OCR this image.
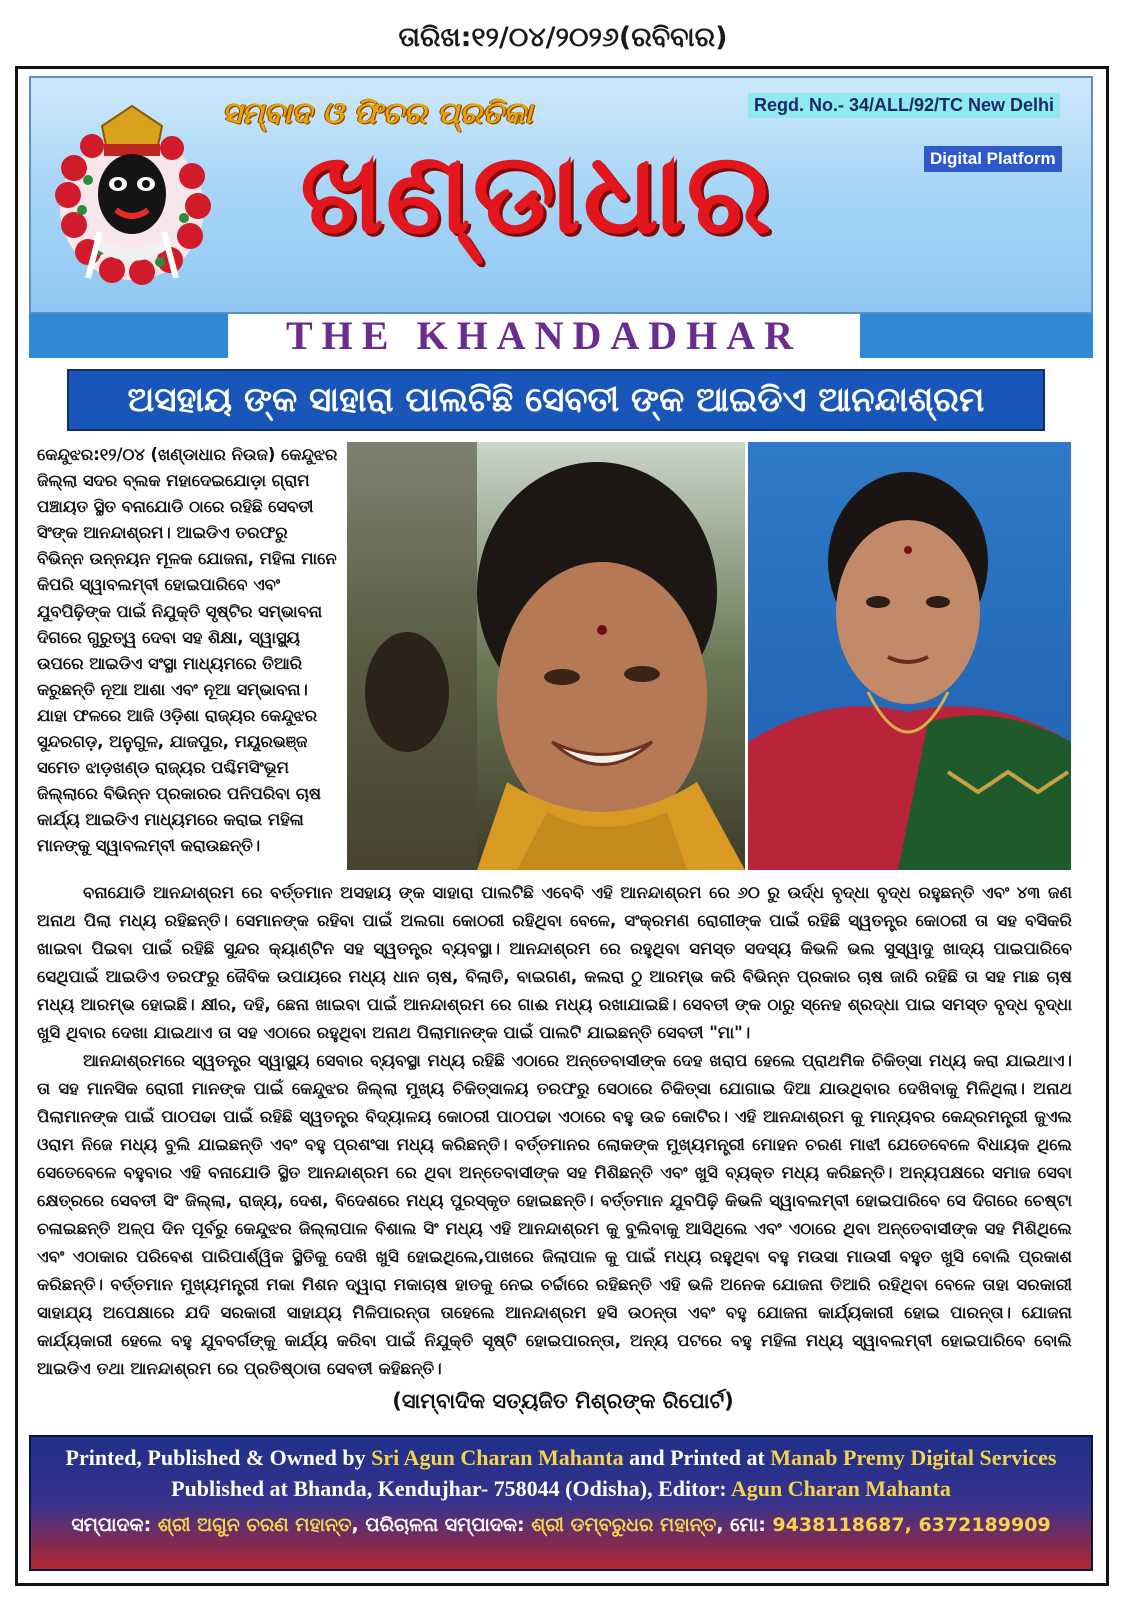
ତାରିଖ:୧୨/୦୪/୨୦୨୬(ରବିବାର)
ସମ୍ବାଦ ଓ ଫିଚର ପ୍ରତିକା
ଖଣ୍ଡାଧାର
Regd. No.- 34/ALL/92/TC New Delhi
Digital Platform
THE KHANDADHAR
ଅସହାୟ ଙ୍କ ସାହାରା ପାଲଟିଛି ସେବତୀ ଙ୍କ ଆଇଡିଏ ଆନନ୍ଦାଶ୍ରମ
କେନ୍ଦୁଝର:୧୨/୦୪ (ଖଣ୍ଡାଧାର ନିଉଜ) କେନ୍ଦୁଝର ଜିଲ୍ଲା ସଦର ବ୍ଲକ ମହାଦେଇଯୋଡ଼ା ଗ୍ରାମ ପଞ୍ଚାୟତ ସ୍ଥିତ ବନାଯୋଡି ଠାରେ ରହିଛି ସେବତୀ ସିଂଙ୍କ ଆନନ୍ଦାଶ୍ରମ। ଆଇଡିଏ ତରଫରୁ ବିଭିନ୍ନ ଉନ୍ନୟନ ମୂଳକ ଯୋଜନା, ମହିଳା ମାନେ କିପରି ସ୍ୱାବଲମ୍ବୀ ହୋଇପାରିବେ ଏବଂ ଯୁବପିଢ଼ିଙ୍କ ପାଇଁ ନିଯୁକ୍ତି ସୃଷ୍ଟିର ସମ୍ଭାବନା ଦିଗରେ ଗୁରୁତ୍ୱ ଦେବା ସହ ଶିକ୍ଷା, ସ୍ୱାସ୍ଥ୍ୟ ଉପରେ ଆଇଡିଏ ସଂସ୍ଥା ମାଧ୍ୟମରେ ତିଆରି କରୁଛନ୍ତି ନୂଆ ଆଶା ଏବଂ ନୂଆ ସମ୍ଭାବନା। ଯାହା ଫଳରେ ଆଜି ଓଡ଼ିଶା ରାଜ୍ୟର କେନ୍ଦୁଝର ସୁନ୍ଦରଗଡ଼, ଅନୁଗୁଳ, ଯାଜପୁର, ମୟୂରଭଞ୍ଜ ସମେତ ଝାଡ଼ଖଣ୍ଡ ରାଜ୍ୟର ପଶ୍ଚିମସିଂଭୂମ ଜିଲ୍ଲାରେ ବିଭିନ୍ନ ପ୍ରକାରର ପନିପରିବା ଚାଷ କାର୍ଯ୍ୟ ଆଇଡିଏ ମାଧ୍ୟମରେ କରାଇ ମହିଳା ମାନଙ୍କୁ ସ୍ୱାବଲମ୍ବୀ କରାଉଛନ୍ତି।

ବନାଯୋଡି ଆନନ୍ଦାଶ୍ରମ ରେ ବର୍ତ୍ତମାନ ଅସହାୟ ଙ୍କ ସାହାରା ପାଲଟିଛି ଏବେବି ଏହି ଆନନ୍ଦାଶ୍ରମ ରେ ୬୦ ରୁ ଉର୍ଦ୍ଧ ବୃଦ୍ଧା ବୃଦ୍ଧ ରହୁଛନ୍ତି ଏବଂ ୪୩ ଜଣ ଅନାଥ ପିଲା ମଧ୍ୟ ରହିଛନ୍ତି। ସେମାନଙ୍କ ରହିବା ପାଇଁ ଅଲଗା କୋଠରୀ ରହିଥିବା ବେଳେ, ସଂକ୍ରମଣ ରୋଗୀଙ୍କ ପାଇଁ ରହିଛି ସ୍ୱତନ୍ତ୍ର କୋଠରୀ ତା ସହ ବସିକରି ଖାଇବା ପିଇବା ପାଇଁ ରହିଛି ସୁନ୍ଦର କ୍ୟାଣ୍ଟିନ ସହ ସ୍ୱତନ୍ତ୍ର ବ୍ୟବସ୍ଥା। ଆନନ୍ଦାଶ୍ରମ ରେ ରହୁଥିବା ସମସ୍ତ ସଦସ୍ୟ କିଭଳି ଭଲ ସୁସ୍ୱାଦୁ ଖାଦ୍ୟ ପାଇପାରିବେ ସେଥିପାଇଁ ଆଇଡିଏ ତରଫରୁ ଜୈବିକ ଉପାୟରେ ମଧ୍ୟ ଧାନ ଚାଷ, ବିଲାତି, ବାଇଗଣ, କଲରା ଠୁ ଆରମ୍ଭ କରି ବିଭିନ୍ନ ପ୍ରକାର ଚାଷ ଜାରି ରହିଛି ତା ସହ ମାଛ ଚାଷ ମଧ୍ୟ ଆରମ୍ଭ ହୋଇଛି। କ୍ଷୀର, ଦହି, ଛେନା ଖାଇବା ପାଇଁ ଆନନ୍ଦାଶ୍ରମ ରେ ଗାଈ ମଧ୍ୟ ରଖାଯାଇଛି। ସେବତୀ ଙ୍କ ଠାରୁ ସ୍ନେହ ଶ୍ରଦ୍ଧା ପାଇ ସମସ୍ତ ବୃଦ୍ଧ ବୃଦ୍ଧା ଖୁସି ଥିବାର ଦେଖା ଯାଇଥାଏ ତା ସହ ଏଠାରେ ରହୁଥିବା ଅନାଥ ପିଲାମାନଙ୍କ ପାଇଁ ପାଲଟି ଯାଇଛନ୍ତି ସେବତୀ "ମା"।

ଆନନ୍ଦାଶ୍ରମରେ ସ୍ୱତନ୍ତ୍ର ସ୍ୱାସ୍ଥ୍ୟ ସେବାର ବ୍ୟବସ୍ଥା ମଧ୍ୟ ରହିଛି ଏଠାରେ ଅନ୍ତେବାସୀଙ୍କ ଦେହ ଖରାପ ହେଲେ ପ୍ରାଥମିକ ଚିକିତ୍ସା ମଧ୍ୟ କରା ଯାଇଥାଏ। ତା ସହ ମାନସିକ ରୋଗୀ ମାନଙ୍କ ପାଇଁ କେନ୍ଦୁଝର ଜିଲ୍ଲା ମୁଖ୍ୟ ଚିକିତ୍ସାଳୟ ତରଫରୁ ସେଠାରେ ଚିକିତ୍ସା ଯୋଗାଇ ଦିଆ ଯାଉଥିବାର ଦେଖିବାକୁ ମିଳିଥିଲା। ଅନାଥ ପିଲାମାନଙ୍କ ପାଇଁ ପାଠପଢା ପାଇଁ ରହିଛି ସ୍ୱତନ୍ତ୍ର ବିଦ୍ୟାଳୟ କୋଠରୀ ପାଠପଢା ଏଠାରେ ବହୁ ଉଚ୍ଚ କୋଟିର। ଏହି ଆନନ୍ଦାଶ୍ରମ କୁ ମାନ୍ୟବର କେନ୍ଦ୍ରମନ୍ତ୍ରୀ ଜୁଏଲ ଓରାମ ନିଜେ ମଧ୍ୟ ବୁଲି ଯାଇଛନ୍ତି ଏବଂ ବହୁ ପ୍ରଶଂସା ମଧ୍ୟ କରିଛନ୍ତି। ବର୍ତ୍ତମାନର ଲୋକଙ୍କ ମୁଖ୍ୟମନ୍ତ୍ରୀ ମୋହନ ଚରଣ ମାଝୀ ଯେତେବେଳେ ବିଧାୟକ ଥିଲେ ସେତେବେଳେ ବହୁବାର ଏହି ବନାଯୋଡି ସ୍ଥିତ ଆନନ୍ଦାଶ୍ରମ ରେ ଥିବା ଅନ୍ତେବାସୀଙ୍କ ସହ ମିଶିଛନ୍ତି ଏବଂ ଖୁସି ବ୍ୟକ୍ତ ମଧ୍ୟ କରିଛନ୍ତି। ଅନ୍ୟପକ୍ଷରେ ସମାଜ ସେବା କ୍ଷେତ୍ରରେ ସେବତୀ ସିଂ ଜିଲ୍ଲା, ରାଜ୍ୟ, ଦେଶ, ବିଦେଶରେ ମଧ୍ୟ ପୁରସ୍କୃତ ହୋଇଛନ୍ତି। ବର୍ତ୍ତମାନ ଯୁବପିଢ଼ି କିଭଳି ସ୍ୱାବଲମ୍ବୀ ହୋଇପାରିବେ ସେ ଦିଗରେ ଚେଷ୍ଟା ଚଳାଇଛନ୍ତି ଅଳ୍ପ ଦିନ ପୂର୍ବରୁ କେନ୍ଦୁଝର ଜିଲ୍ଲାପାଳ ବିଶାଲ ସିଂ ମଧ୍ୟ ଏହି ଆନନ୍ଦାଶ୍ରମ କୁ ବୁଲିବାକୁ ଆସିଥିଲେ ଏବଂ ଏଠାରେ ଥିବା ଅନ୍ତେବାସୀଙ୍କ ସହ ମିଶିଥିଲେ ଏବଂ ଏଠାକାର ପରିବେଶ ପାରିପାର୍ଶ୍ୱିକ ସ୍ଥିତିକୁ ଦେଖି ଖୁସି ହୋଇଥିଲେ,ପାଖରେ ଜିଲାପାଳ କୁ ପାଇଁ ମଧ୍ୟ ରହୁଥିବା ବହୁ ମଉସା ମାଉସୀ ବହୁତ ଖୁସି ବୋଲି ପ୍ରକାଶ କରିଛନ୍ତି। ବର୍ତ୍ତମାନ ମୁଖ୍ୟମନ୍ତ୍ରୀ ମକା ମିଶନ ଦ୍ୱାରା ମକାଚାଷ ହାତକୁ ନେଇ ଚର୍ଚ୍ଚାରେ ରହିଛନ୍ତି ଏହି ଭଳି ଅନେକ ଯୋଜନା ତିଆରି ରହିଥିବା ବେଳେ ତାହା ସରକାରୀ ସାହାଯ୍ୟ ଅପେକ୍ଷାରେ ଯଦି ସରକାରୀ ସାହାଯ୍ୟ ମିଳିପାରନ୍ତା ତାହେଲେ ଆନନ୍ଦାଶ୍ରମ ହସି ଉଠନ୍ତା ଏବଂ ବହୁ ଯୋଜନା କାର୍ଯ୍ୟକାରୀ ହୋଇ ପାରନ୍ତା। ଯୋଜନା କାର୍ଯ୍ୟକାରୀ ହେଲେ ବହୁ ଯୁବବର୍ଗଙ୍କୁ କାର୍ଯ୍ୟ କରିବା ପାଇଁ ନିଯୁକ୍ତି ସୃଷ୍ଟି ହୋଇପାରନ୍ତା, ଅନ୍ୟ ପଟରେ ବହୁ ମହିଳା ମଧ୍ୟ ସ୍ୱାବଲମ୍ବୀ ହୋଇପାରିବେ ବୋଲି ଆଇଡିଏ ତଥା ଆନନ୍ଦାଶ୍ରମ ରେ ପ୍ରତିଷ୍ଠାତା ସେବତୀ କହିଛନ୍ତି।

(ସାମ୍ବାଦିକ ସତ୍ୟଜିତ ମିଶ୍ରଙ୍କ ରିପୋର୍ଟ)
Printed, Published & Owned by Sri Agun Charan Mahanta and Printed at Manab Premy Digital Services
Published at Bhanda, Kendujhar- 758044 (Odisha), Editor: Agun Charan Mahanta
ସମ୍ପାଦକ: ଶ୍ରୀ ଅଗୁନ ଚରଣ ମହାନ୍ତ, ପରିଚାଳନା ସମ୍ପାଦକ: ଶ୍ରୀ ଡମ୍ବରୁଧର ମହାନ୍ତ, ମୋ: 9438118687, 6372189909
